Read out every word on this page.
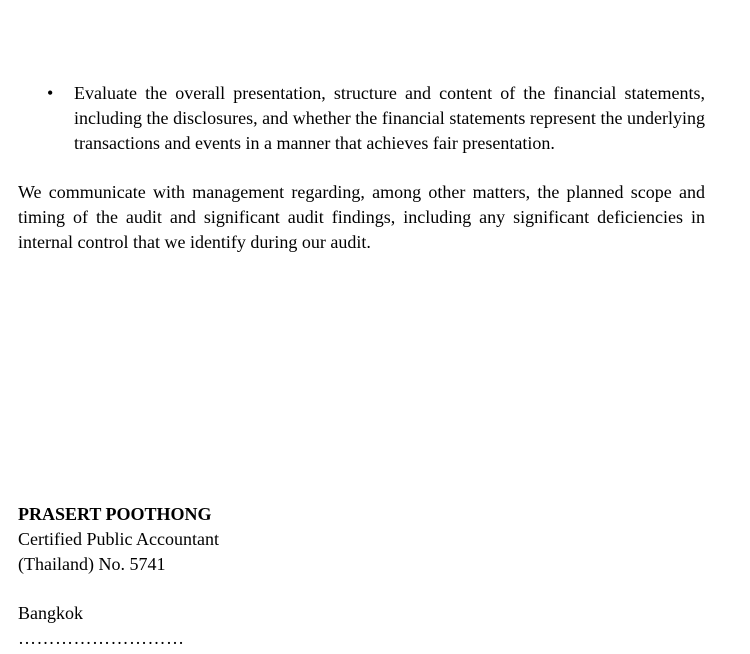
• Evaluate the overall presentation, structure and content of the financial statements, including the disclosures, and whether the financial statements represent the underlying transactions and events in a manner that achieves fair presentation.
We communicate with management regarding, among other matters, the planned scope and timing of the audit and significant audit findings, including any significant deficiencies in internal control that we identify during our audit.
PRASERT POOTHONG
Certified Public Accountant
(Thailand) No. 5741
Bangkok
………………………
